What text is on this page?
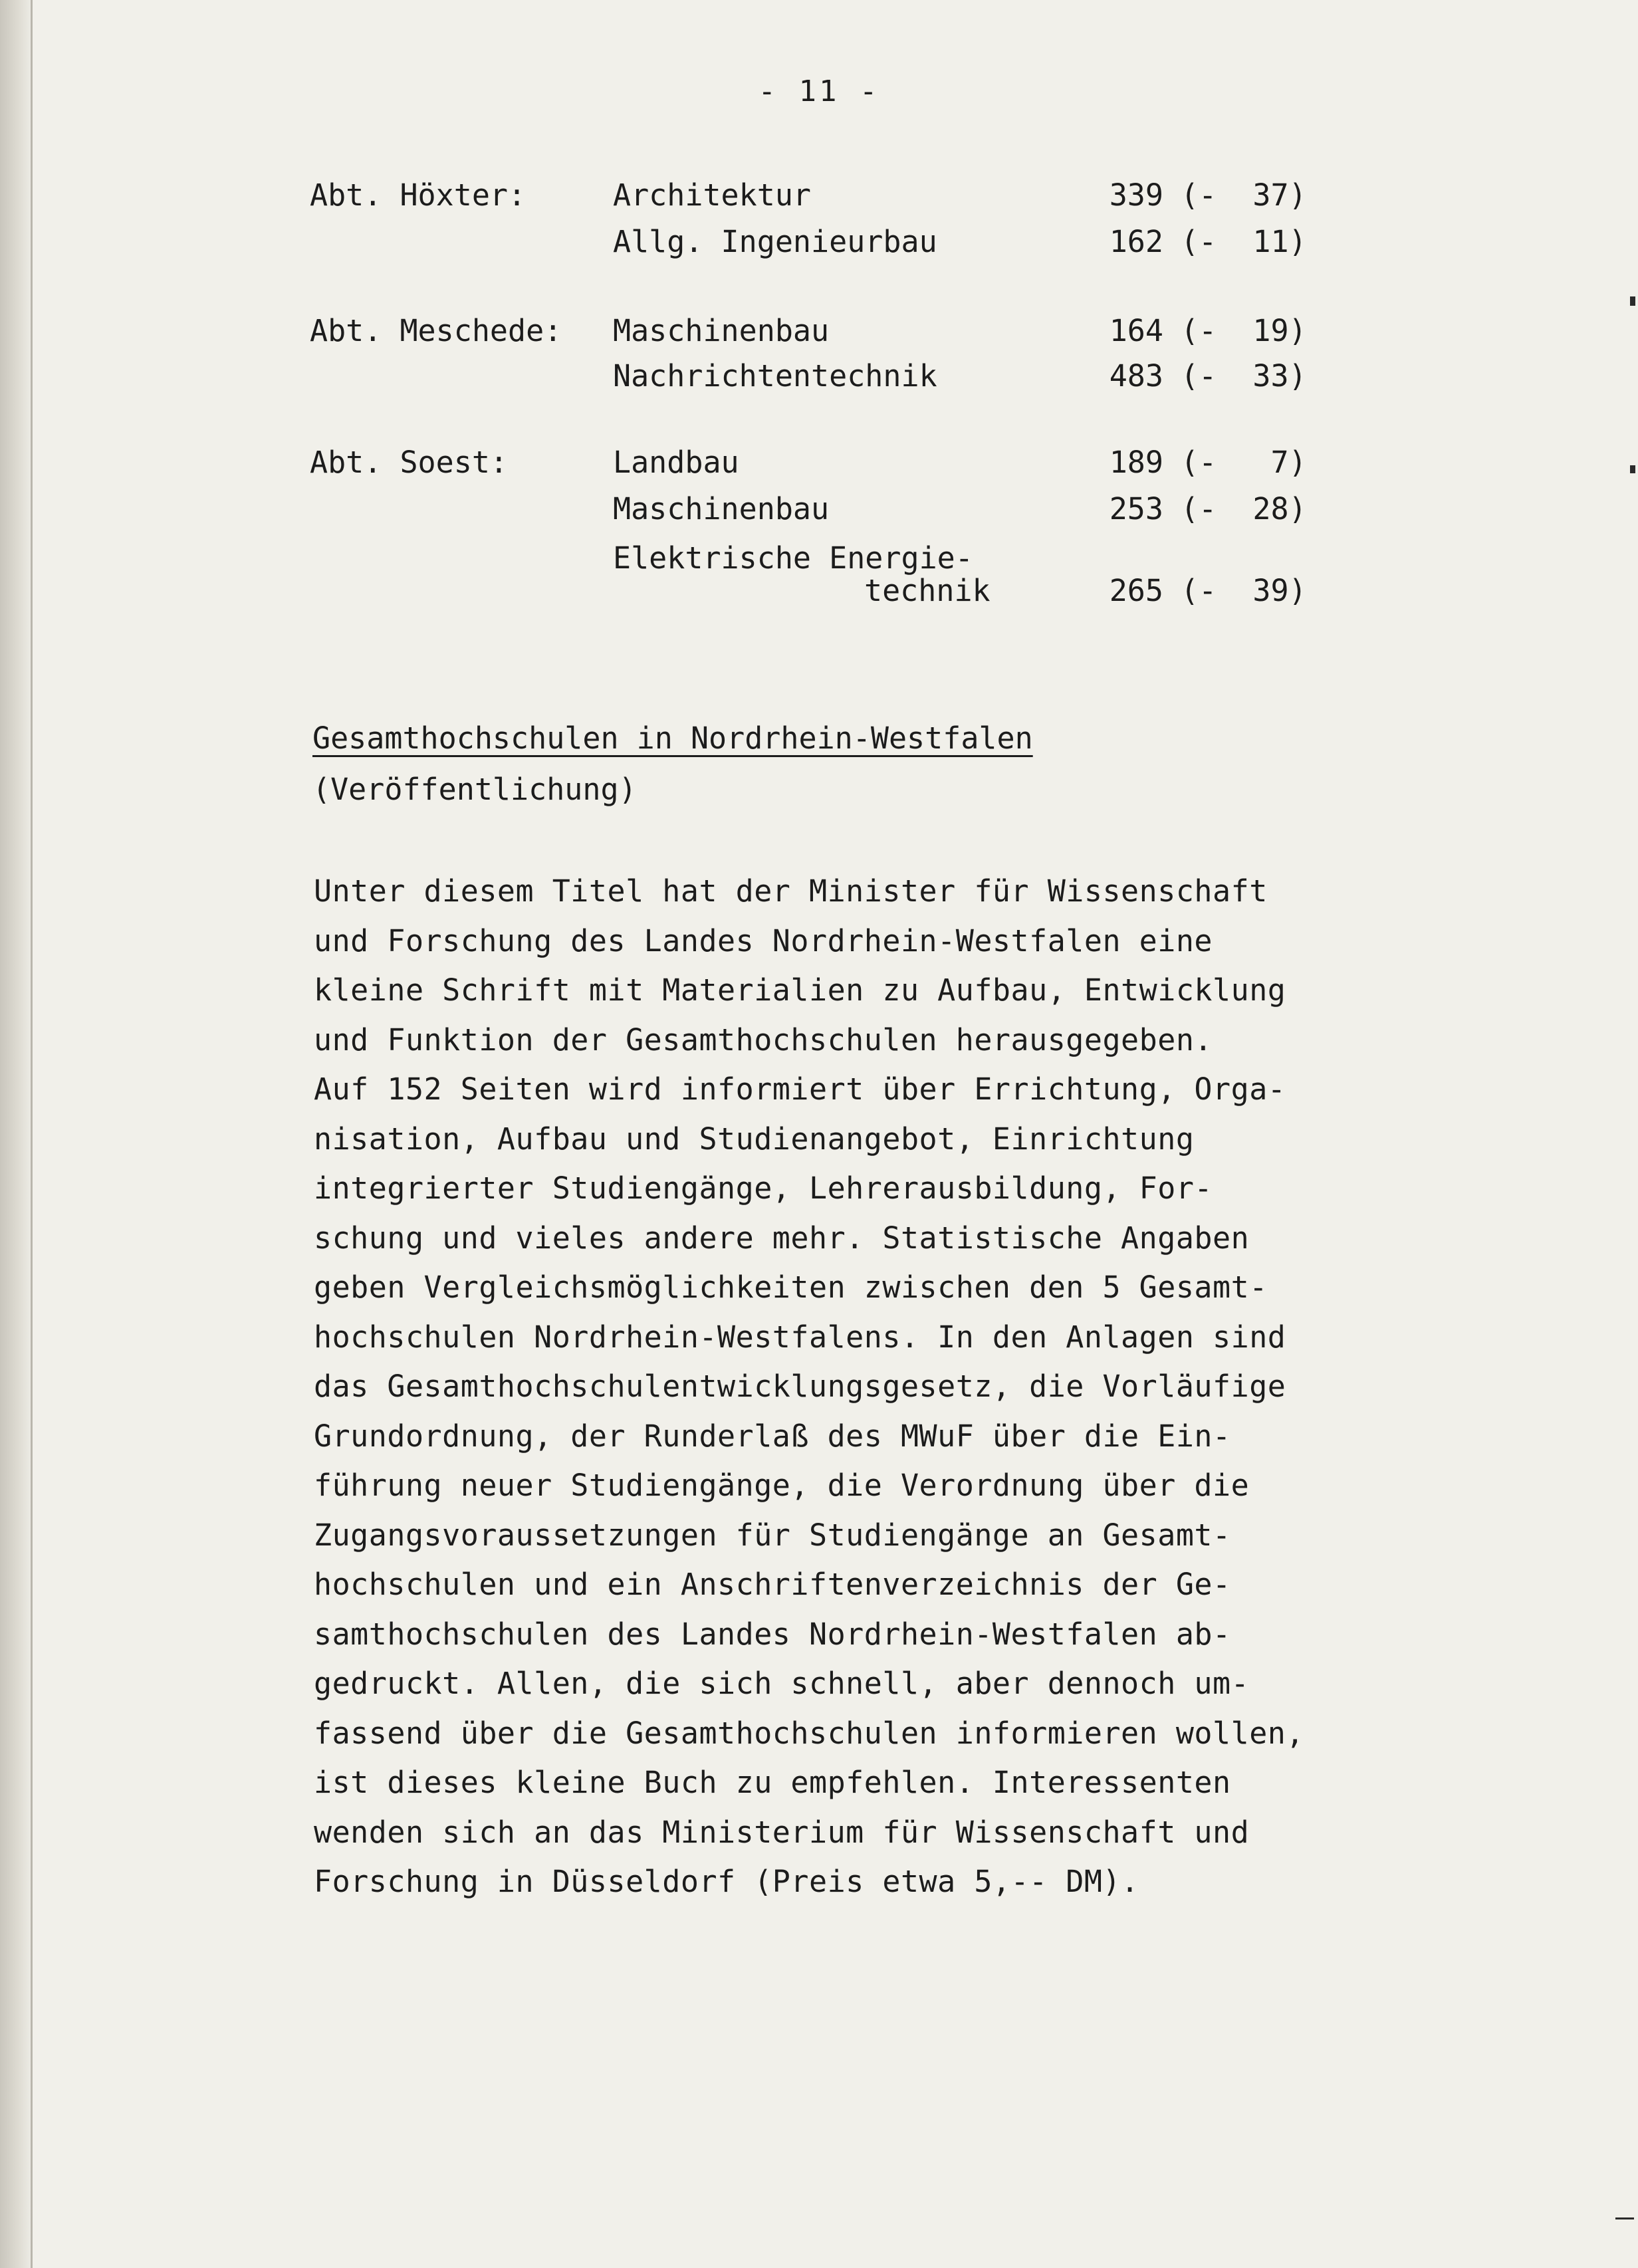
- 11 -
Abt. Höxter:	Architektur	339 (-  37)
Allg. Ingenieurbau	162 (-  11)
Abt. Meschede: Maschinenbau	164 (-  19)
Nachrichtentechnik	483 (-  33)
Abt. Soest:	Landbau	189 (-   7)
Maschinenbau	253 (-  28)
Elektrische Energie-
technik	265 (-  39)
Gesamthochschulen in Nordrhein-Westfalen
(Veröffentlichung)
Unter diesem Titel hat der Minister für Wissenschaft
und Forschung des Landes Nordrhein-Westfalen eine
kleine Schrift mit Materialien zu Aufbau, Entwicklung
und Funktion der Gesamthochschulen herausgegeben.
Auf 152 Seiten wird informiert über Errichtung, Orga-
nisation, Aufbau und Studienangebot, Einrichtung
integrierter Studiengänge, Lehrerausbildung, For-
schung und vieles andere mehr. Statistische Angaben
geben Vergleichsmöglichkeiten zwischen den 5 Gesamt-
hochschulen Nordrhein-Westfalens. In den Anlagen sind
das Gesamthochschulentwicklungsgesetz, die Vorläufige
Grundordnung, der Runderlaß des MWuF über die Ein-
führung neuer Studiengänge, die Verordnung über die
Zugangsvoraussetzungen für Studiengänge an Gesamt-
hochschulen und ein Anschriftenverzeichnis der Ge-
samthochschulen des Landes Nordrhein-Westfalen ab-
gedruckt. Allen, die sich schnell, aber dennoch um-
fassend über die Gesamthochschulen informieren wollen,
ist dieses kleine Buch zu empfehlen. Interessenten
wenden sich an das Ministerium für Wissenschaft und
Forschung in Düsseldorf (Preis etwa 5,-- DM).
